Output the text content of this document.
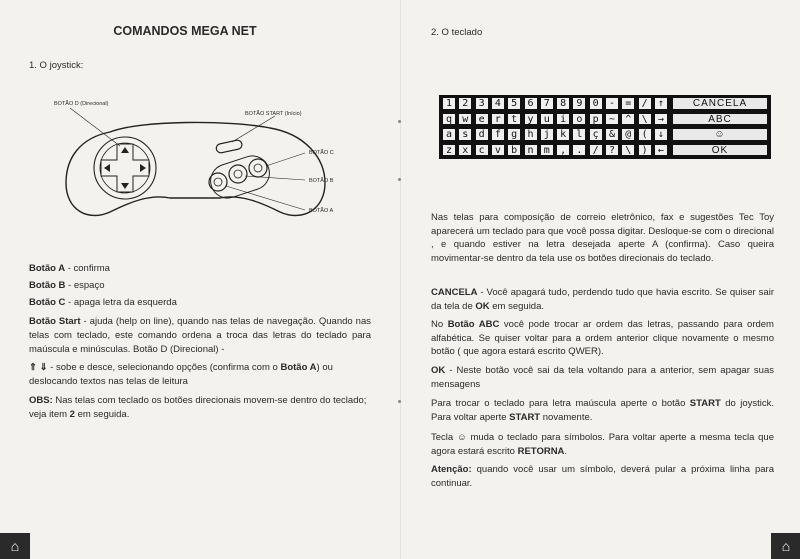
COMANDOS MEGA NET
1. O joystick:
BOTÃO D (Direcional)
BOTÃO START (Início)
BOTÃO C
BOTÃO B
BOTÃO A

Botão A - confirma

Botão B - espaço

Botão C - apaga letra da esquerda

Botão Start - ajuda (help on line), quando nas telas de navegação. Quando nas telas com teclado, este comando ordena a troca das letras do teclado para maúscula e minúsculas. Botão D (Direcional) -

⇑ ⇓ - sobe e desce, selecionando opções (confirma com o Botão A) ou deslocando textos nas telas de leitura

OBS: Nas telas com teclado os botões direcionais movem-se dentro do teclado; veja item 2 em seguida.

⌂
2. O teclado
1	2	3	4	5	6	7	8	9	0	-	=	/	↑	CANCELA
q	w	e	r	t	y	u	i	o	p	~	^	\	→	ABC
a	s	d	f	g	h	j	k	l	ç	&	@	(	↓	☺
z	x	c	v	b	n	m	,	.	/	?	\	)	←	OK

Nas telas para composição de correio eletrônico, fax e sugestões Tec Toy aparecerá um teclado para que você possa digitar. Desloque-se com o direcional , e quando estiver na letra desejada aperte A (confirma). Caso queira movimentar-se dentro da tela use os botões direcionais do teclado.

CANCELA - Você apagará tudo, perdendo tudo que havia escrito. Se quiser sair da tela de OK em seguida.

No Botão ABC você pode trocar ar ordem das letras, passando para ordem alfabética. Se quiser voltar para a ordem anterior clique novamente o mesmo botão ( que agora estará escrito QWER).

OK - Neste botão você sai da tela voltando para a anterior, sem apagar suas mensagens

Para trocar o teclado para letra maúscula aperte o botão START do joystick. Para voltar aperte START novamente.

Tecla ☺ muda o teclado para símbolos. Para voltar aperte a mesma tecla que agora estará escrito RETORNA.

Atenção: quando você usar um símbolo, deverá pular a próxima linha para continuar.

⌂
